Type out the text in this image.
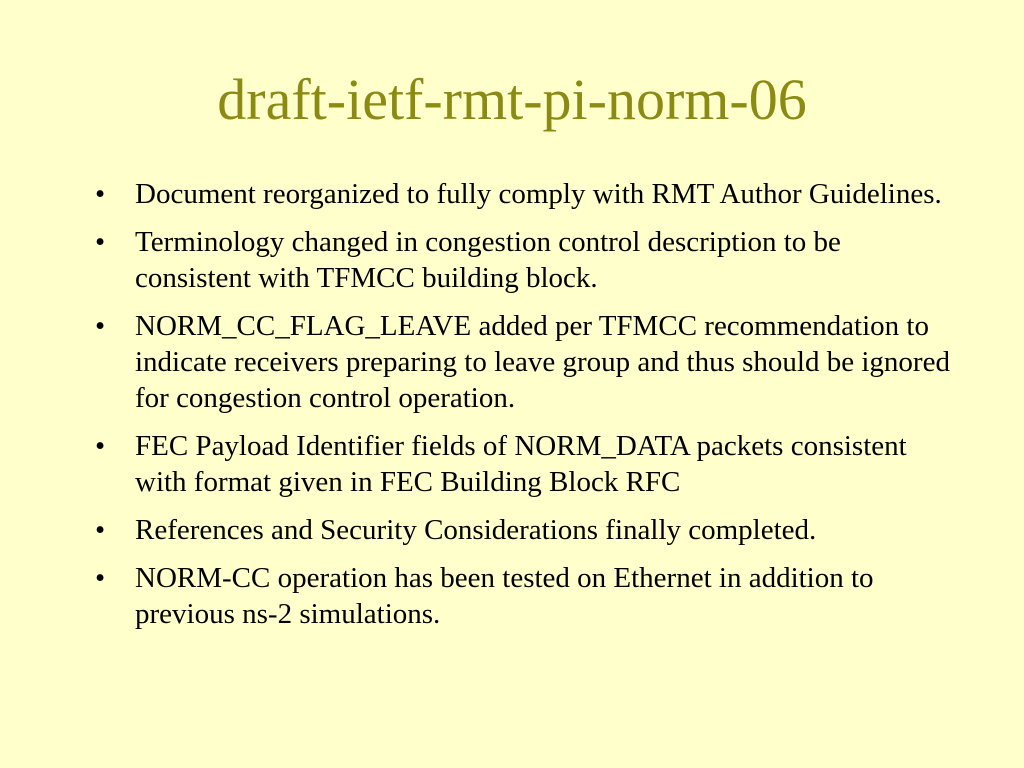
draft-ietf-rmt-pi-norm-06
•	Document reorganized to fully comply with RMT Author Guidelines.
•	Terminology changed in congestion control description to be consistent with TFMCC building block.
•	NORM_CC_FLAG_LEAVE added per TFMCC recommendation to indicate receivers preparing to leave group and thus should be ignored for congestion control operation.
•	FEC Payload Identifier fields of NORM_DATA packets consistent with format given in FEC Building Block RFC
•	References and Security Considerations finally completed.
•	NORM-CC operation has been tested on Ethernet in addition to previous ns-2 simulations.
